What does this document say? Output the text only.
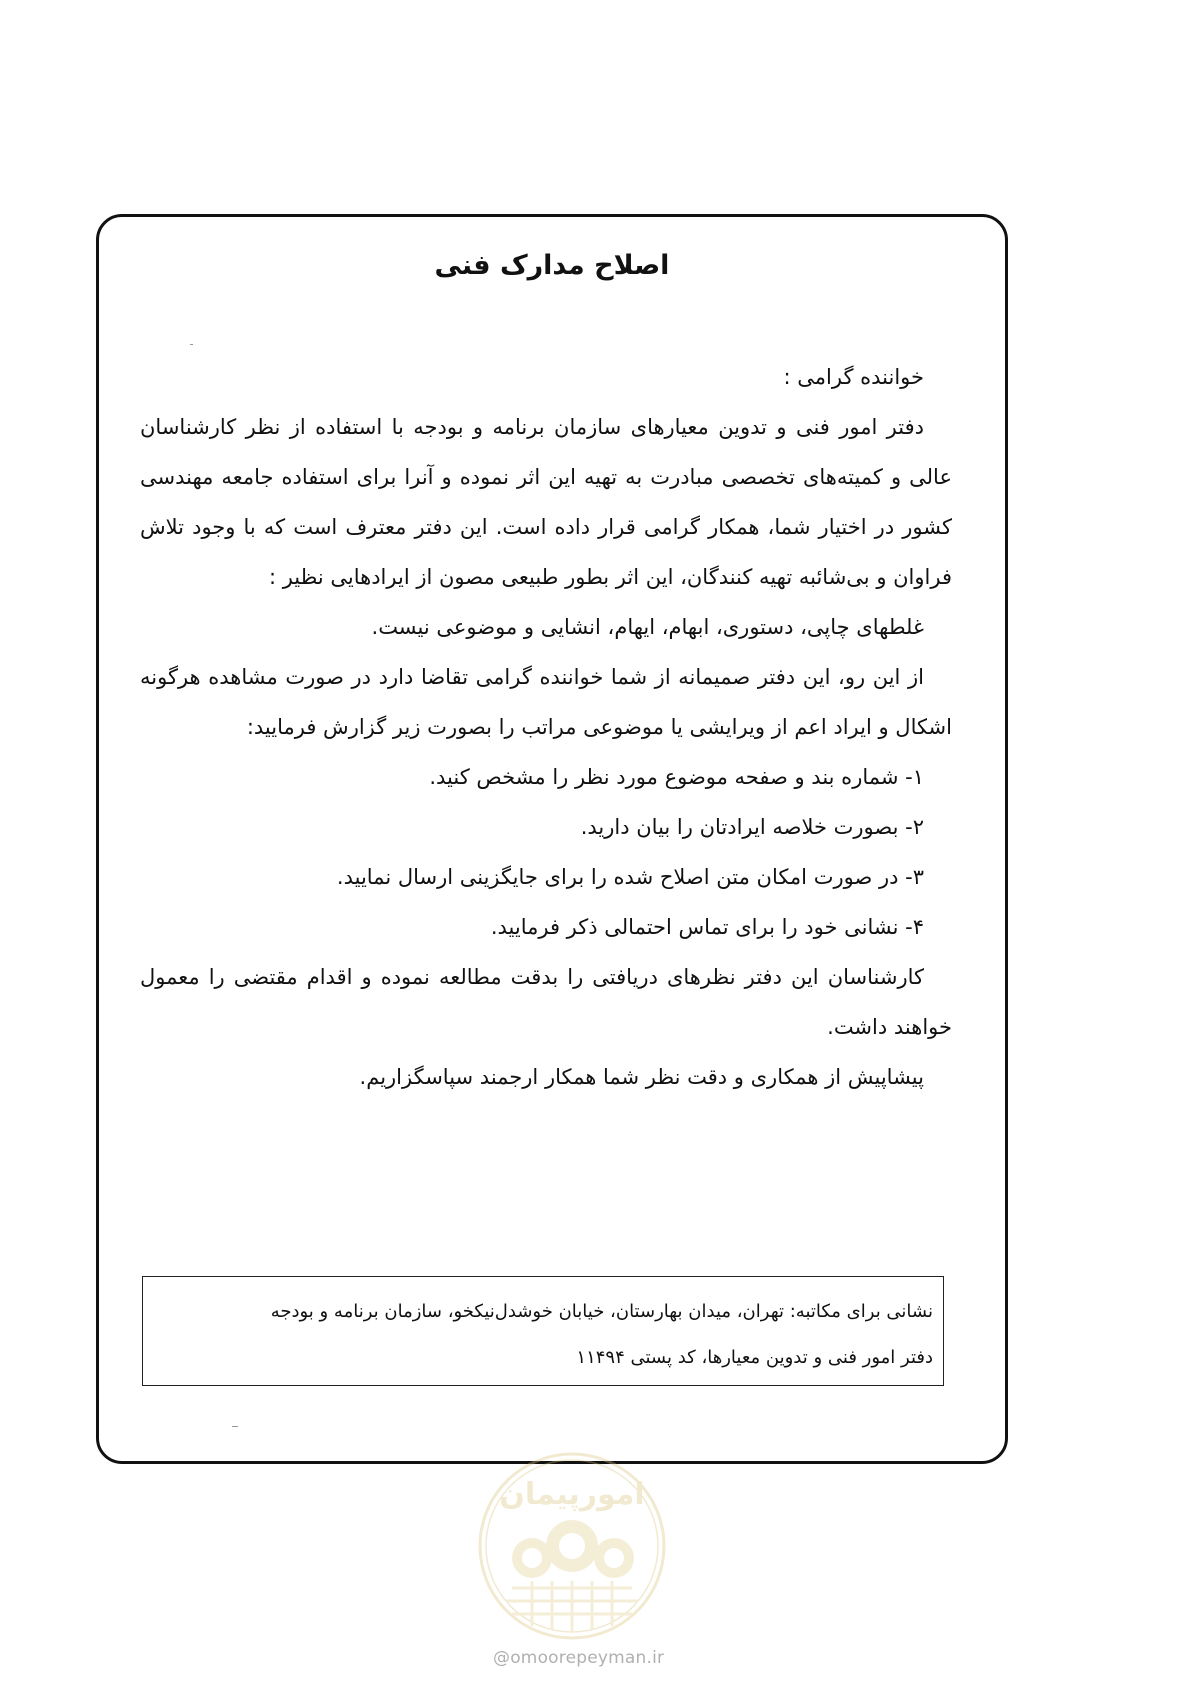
اصلاح مدارک فنی

خواننده گرامی :

دفتر امور فنی و تدوین معیارهای سازمان برنامه و بودجه با استفاده از نظر کارشناسان عالی و کمیته‌های تخصصی مبادرت به تهیه این اثر نموده و آنرا برای استفاده جامعه مهندسی کشور در اختیار شما، همکار گرامی قرار داده است. این دفتر معترف است که با وجود تلاش فراوان و بی‌شائبه تهیه کنندگان، این اثر بطور طبیعی مصون از ایرادهایی نظیر :

غلطهای چاپی، دستوری، ابهام، ایهام، انشایی و موضوعی نیست.

از این رو، این دفتر صمیمانه از شما خواننده گرامی تقاضا دارد در صورت مشاهده هرگونه اشکال و ایراد اعم از ویرایشی یا موضوعی مراتب را بصورت زیر گزارش فرمایید:

۱- شماره بند و صفحه موضوع مورد نظر را مشخص کنید.

۲- بصورت خلاصه ایرادتان را بیان دارید.

۳- در صورت امکان متن اصلاح شده را برای جایگزینی ارسال نمایید.

۴- نشانی خود را برای تماس احتمالی ذکر فرمایید.

کارشناسان این دفتر نظرهای دریافتی را بدقت مطالعه نموده و اقدام مقتضی را معمول خواهند داشت.

پیشاپیش از همکاری و دقت نظر شما همکار ارجمند سپاسگزاریم.

نشانی برای مکاتبه: تهران، میدان بهارستان، خیابان خوشدل‌نیکخو، سازمان برنامه و بودجه

دفتر امور فنی و تدوین معیارها، کد پستی ۱۱۴۹۴

امورپیمان
@omoorepeyman.ir
